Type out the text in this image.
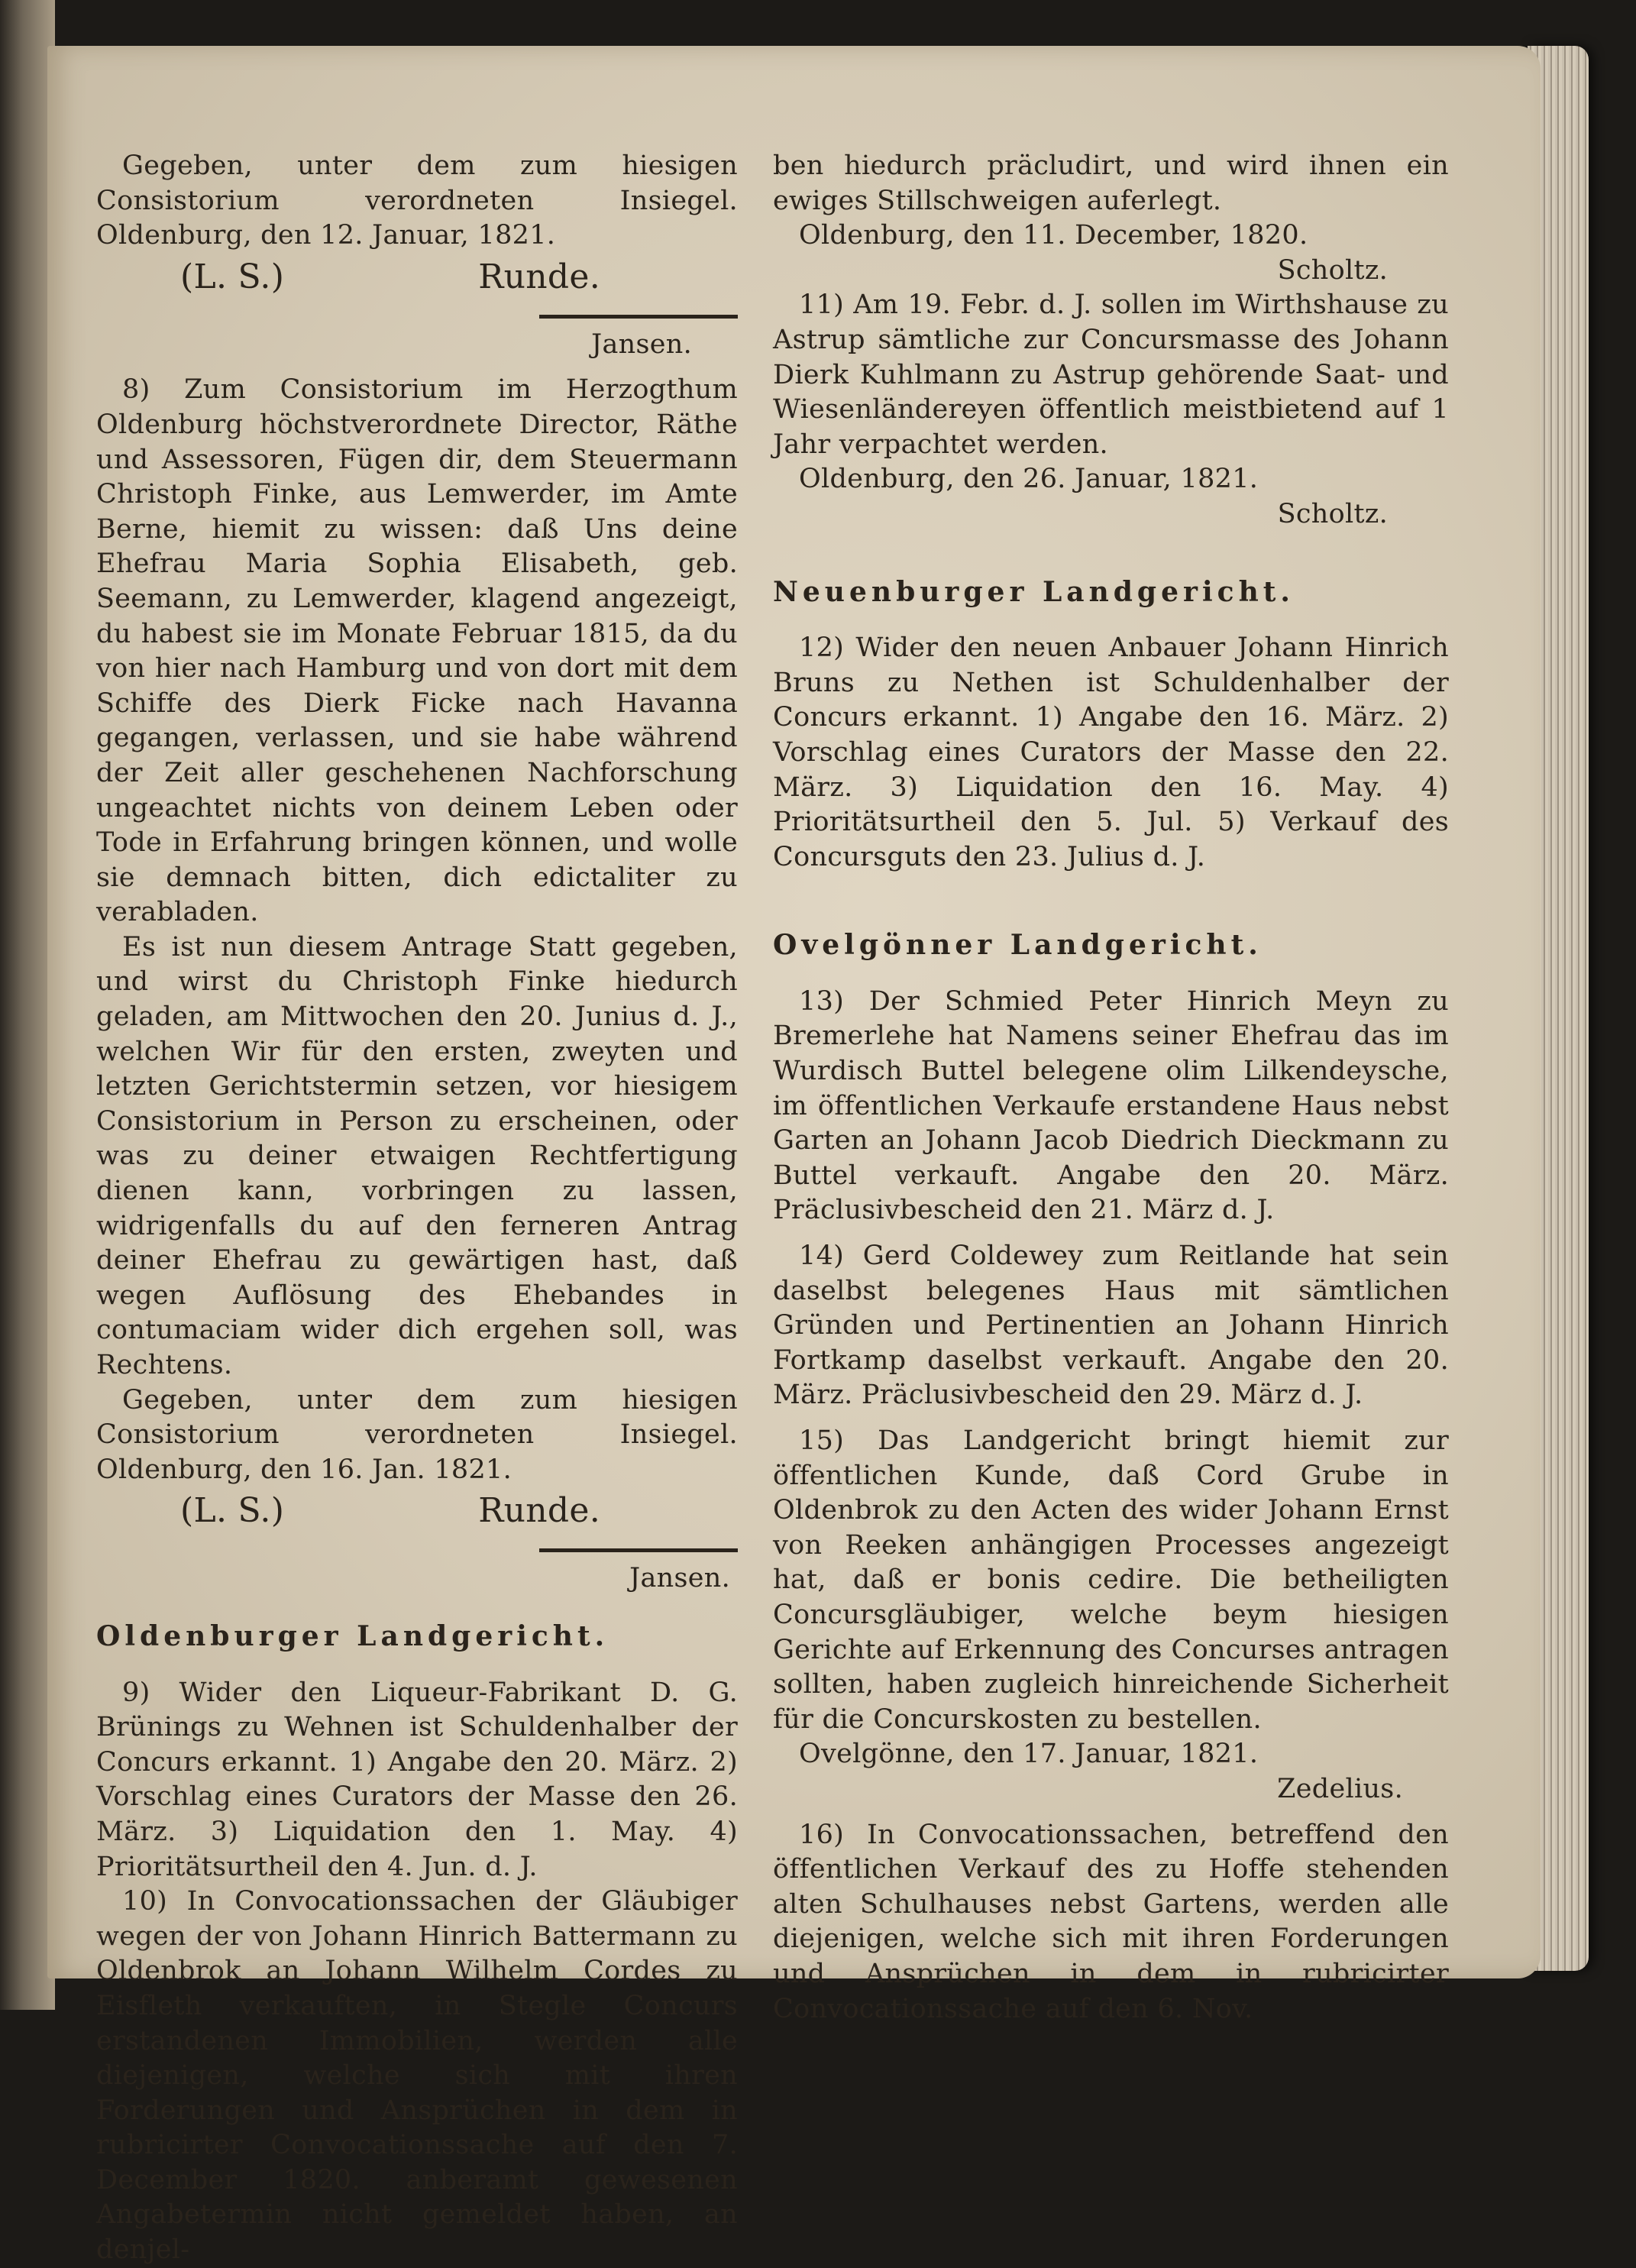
Gegeben, unter dem zum hiesigen Consistorium verordneten Insiegel. Oldenburg, den 12. Januar, 1821.

(L. S.)	Runde.

Jansen.

8) Zum Consistorium im Herzogthum Oldenburg höchstverordnete Director, Räthe und Assessoren, Fügen dir, dem Steuermann Christoph Finke, aus Lemwerder, im Amte Berne, hiemit zu wissen: daß Uns deine Ehefrau Maria Sophia Elisabeth, geb. Seemann, zu Lemwerder, klagend angezeigt, du habest sie im Monate Februar 1815, da du von hier nach Hamburg und von dort mit dem Schiffe des Dierk Ficke nach Havanna gegangen, verlassen, und sie habe während der Zeit aller geschehenen Nachforschung ungeachtet nichts von deinem Leben oder Tode in Erfahrung bringen können, und wolle sie demnach bitten, dich edictaliter zu verabladen.

Es ist nun diesem Antrage Statt gegeben, und wirst du Christoph Finke hiedurch geladen, am Mittwochen den 20. Junius d. J., welchen Wir für den ersten, zweyten und letzten Gerichtstermin setzen, vor hiesigem Consistorium in Person zu erscheinen, oder was zu deiner etwaigen Rechtfertigung dienen kann, vorbringen zu lassen, widrigenfalls du auf den ferneren Antrag deiner Ehefrau zu gewärtigen hast, daß wegen Auflösung des Ehebandes in contumaciam wider dich ergehen soll, was Rechtens.

Gegeben, unter dem zum hiesigen Consistorium verordneten Insiegel. Oldenburg, den 16. Jan. 1821.

(L. S.)	Runde.

Jansen.

Oldenburger Landgericht.

9) Wider den Liqueur-Fabrikant D. G. Brünings zu Wehnen ist Schuldenhalber der Concurs erkannt. 1) Angabe den 20. März. 2) Vorschlag eines Curators der Masse den 26. März. 3) Liquidation den 1. May. 4) Prioritätsurtheil den 4. Jun. d. J.

10) In Convocationssachen der Gläubiger wegen der von Johann Hinrich Battermann zu Oldenbrok an Johann Wilhelm Cordes zu Eisfleth verkauften, in Stegle Concurs erstandenen Immobilien, werden alle diejenigen, welche sich mit ihren Forderungen und Ansprüchen in dem in rubricirter Convocationssache auf den 7. December 1820. anberamt gewesenen Angabetermin nicht gemeldet haben, an denjel-

ben hiedurch präcludirt, und wird ihnen ein ewiges Stillschweigen auferlegt.

Oldenburg, den 11. December, 1820.

Scholtz.

11) Am 19. Febr. d. J. sollen im Wirthshause zu Astrup sämtliche zur Concursmasse des Johann Dierk Kuhlmann zu Astrup gehörende Saat- und Wiesenländereyen öffentlich meistbietend auf 1 Jahr verpachtet werden.

Oldenburg, den 26. Januar, 1821.

Scholtz.

Neuenburger Landgericht.

12) Wider den neuen Anbauer Johann Hinrich Bruns zu Nethen ist Schuldenhalber der Concurs erkannt. 1) Angabe den 16. März. 2) Vorschlag eines Curators der Masse den 22. März. 3) Liquidation den 16. May. 4) Prioritätsurtheil den 5. Jul. 5) Verkauf des Concursguts den 23. Julius d. J.

Ovelgönner Landgericht.

13) Der Schmied Peter Hinrich Meyn zu Bremerlehe hat Namens seiner Ehefrau das im Wurdisch Buttel belegene olim Lilkendeysche, im öffentlichen Verkaufe erstandene Haus nebst Garten an Johann Jacob Diedrich Dieckmann zu Buttel verkauft. Angabe den 20. März. Präclusivbescheid den 21. März d. J.

14) Gerd Coldewey zum Reitlande hat sein daselbst belegenes Haus mit sämtlichen Gründen und Pertinentien an Johann Hinrich Fortkamp daselbst verkauft. Angabe den 20. März. Präclusivbescheid den 29. März d. J.

15) Das Landgericht bringt hiemit zur öffentlichen Kunde, daß Cord Grube in Oldenbrok zu den Acten des wider Johann Ernst von Reeken anhängigen Processes angezeigt hat, daß er bonis cedire. Die betheiligten Concursgläubiger, welche beym hiesigen Gerichte auf Erkennung des Concurses antragen sollten, haben zugleich hinreichende Sicherheit für die Concurskosten zu bestellen.

Ovelgönne, den 17. Januar, 1821.

Zedelius.

16) In Convocationssachen, betreffend den öffentlichen Verkauf des zu Hoffe stehenden alten Schulhauses nebst Gartens, werden alle diejenigen, welche sich mit ihren Forderungen und Ansprüchen in dem in rubricirter Convocationssache auf den 6. Nov.
